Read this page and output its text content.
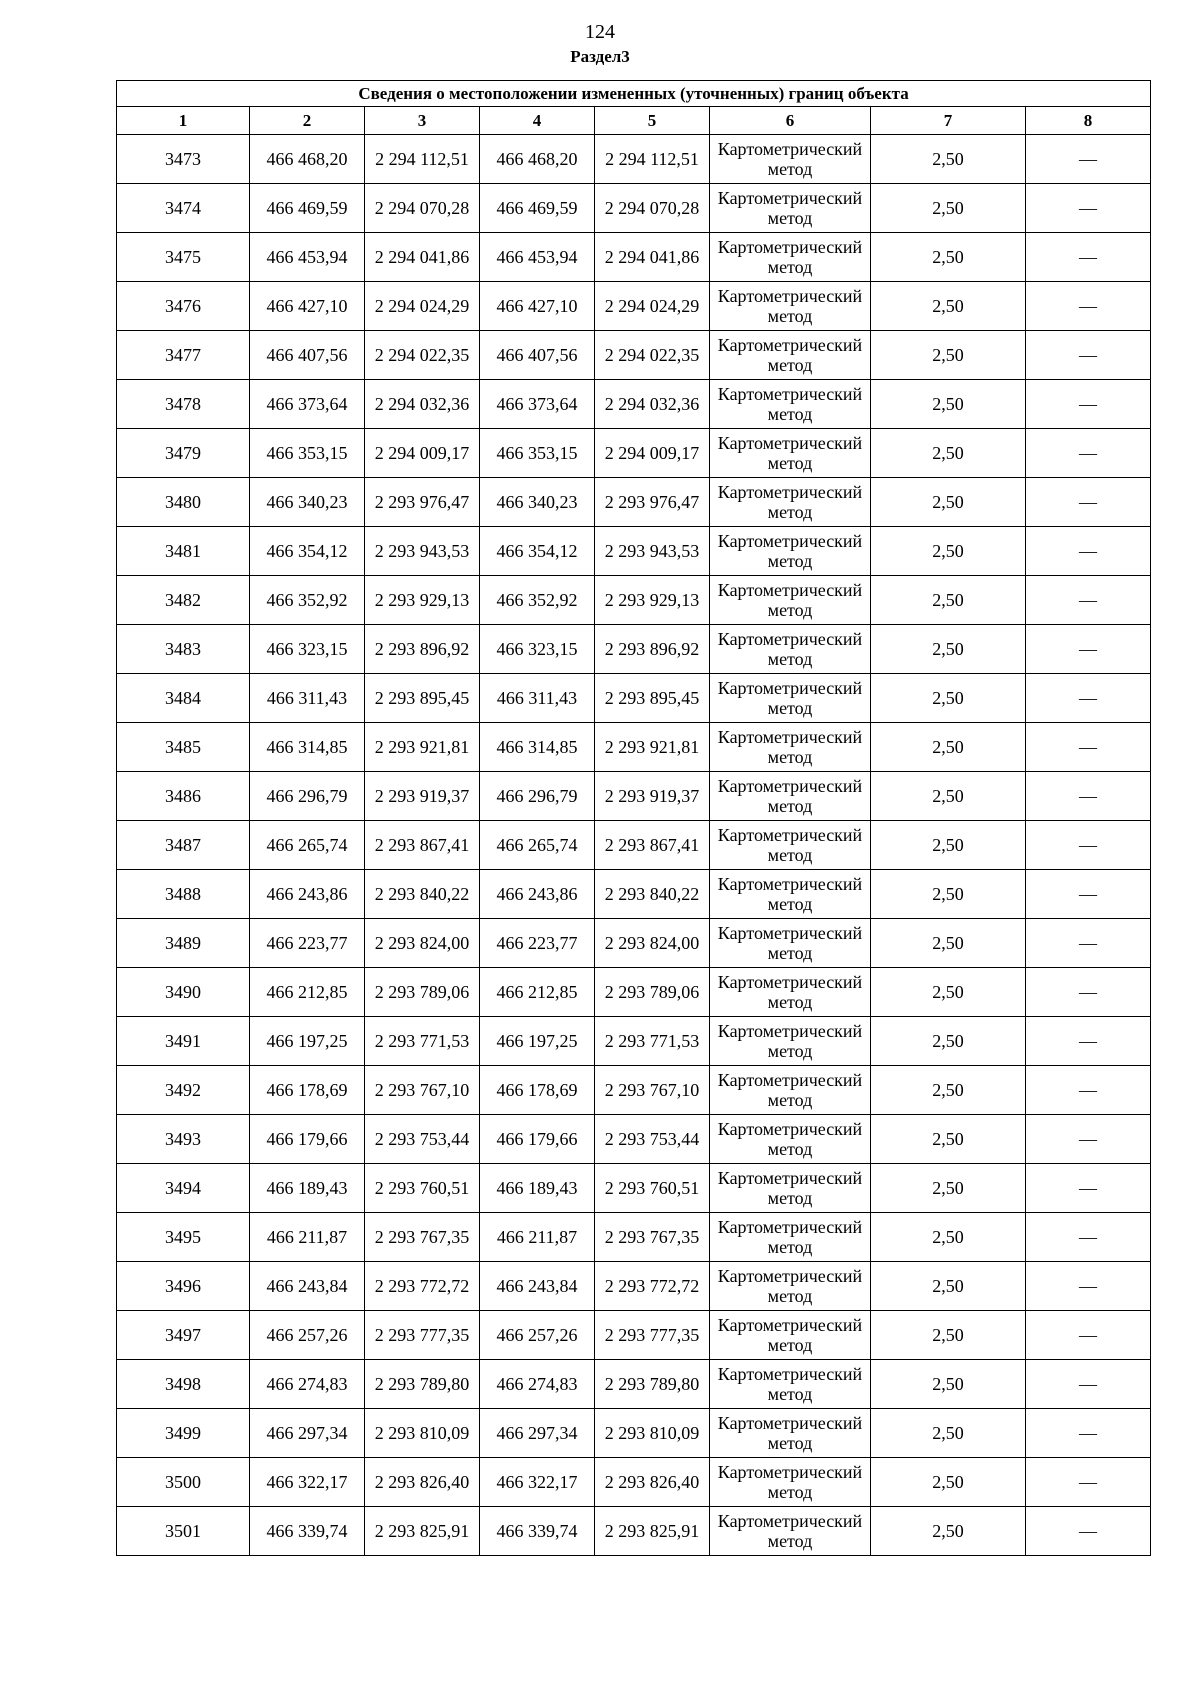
124
Раздел3
Сведения о местоположении измененных (уточненных) границ объекта							
1	2	3	4	5	6	7	8
3473	466 468,20	2 294 112,51	466 468,20	2 294 112,51	Картометрический метод	2,50	—
3474	466 469,59	2 294 070,28	466 469,59	2 294 070,28	Картометрический метод	2,50	—
3475	466 453,94	2 294 041,86	466 453,94	2 294 041,86	Картометрический метод	2,50	—
3476	466 427,10	2 294 024,29	466 427,10	2 294 024,29	Картометрический метод	2,50	—
3477	466 407,56	2 294 022,35	466 407,56	2 294 022,35	Картометрический метод	2,50	—
3478	466 373,64	2 294 032,36	466 373,64	2 294 032,36	Картометрический метод	2,50	—
3479	466 353,15	2 294 009,17	466 353,15	2 294 009,17	Картометрический метод	2,50	—
3480	466 340,23	2 293 976,47	466 340,23	2 293 976,47	Картометрический метод	2,50	—
3481	466 354,12	2 293 943,53	466 354,12	2 293 943,53	Картометрический метод	2,50	—
3482	466 352,92	2 293 929,13	466 352,92	2 293 929,13	Картометрический метод	2,50	—
3483	466 323,15	2 293 896,92	466 323,15	2 293 896,92	Картометрический метод	2,50	—
3484	466 311,43	2 293 895,45	466 311,43	2 293 895,45	Картометрический метод	2,50	—
3485	466 314,85	2 293 921,81	466 314,85	2 293 921,81	Картометрический метод	2,50	—
3486	466 296,79	2 293 919,37	466 296,79	2 293 919,37	Картометрический метод	2,50	—
3487	466 265,74	2 293 867,41	466 265,74	2 293 867,41	Картометрический метод	2,50	—
3488	466 243,86	2 293 840,22	466 243,86	2 293 840,22	Картометрический метод	2,50	—
3489	466 223,77	2 293 824,00	466 223,77	2 293 824,00	Картометрический метод	2,50	—
3490	466 212,85	2 293 789,06	466 212,85	2 293 789,06	Картометрический метод	2,50	—
3491	466 197,25	2 293 771,53	466 197,25	2 293 771,53	Картометрический метод	2,50	—
3492	466 178,69	2 293 767,10	466 178,69	2 293 767,10	Картометрический метод	2,50	—
3493	466 179,66	2 293 753,44	466 179,66	2 293 753,44	Картометрический метод	2,50	—
3494	466 189,43	2 293 760,51	466 189,43	2 293 760,51	Картометрический метод	2,50	—
3495	466 211,87	2 293 767,35	466 211,87	2 293 767,35	Картометрический метод	2,50	—
3496	466 243,84	2 293 772,72	466 243,84	2 293 772,72	Картометрический метод	2,50	—
3497	466 257,26	2 293 777,35	466 257,26	2 293 777,35	Картометрический метод	2,50	—
3498	466 274,83	2 293 789,80	466 274,83	2 293 789,80	Картометрический метод	2,50	—
3499	466 297,34	2 293 810,09	466 297,34	2 293 810,09	Картометрический метод	2,50	—
3500	466 322,17	2 293 826,40	466 322,17	2 293 826,40	Картометрический метод	2,50	—
3501	466 339,74	2 293 825,91	466 339,74	2 293 825,91	Картометрический метод	2,50	—
